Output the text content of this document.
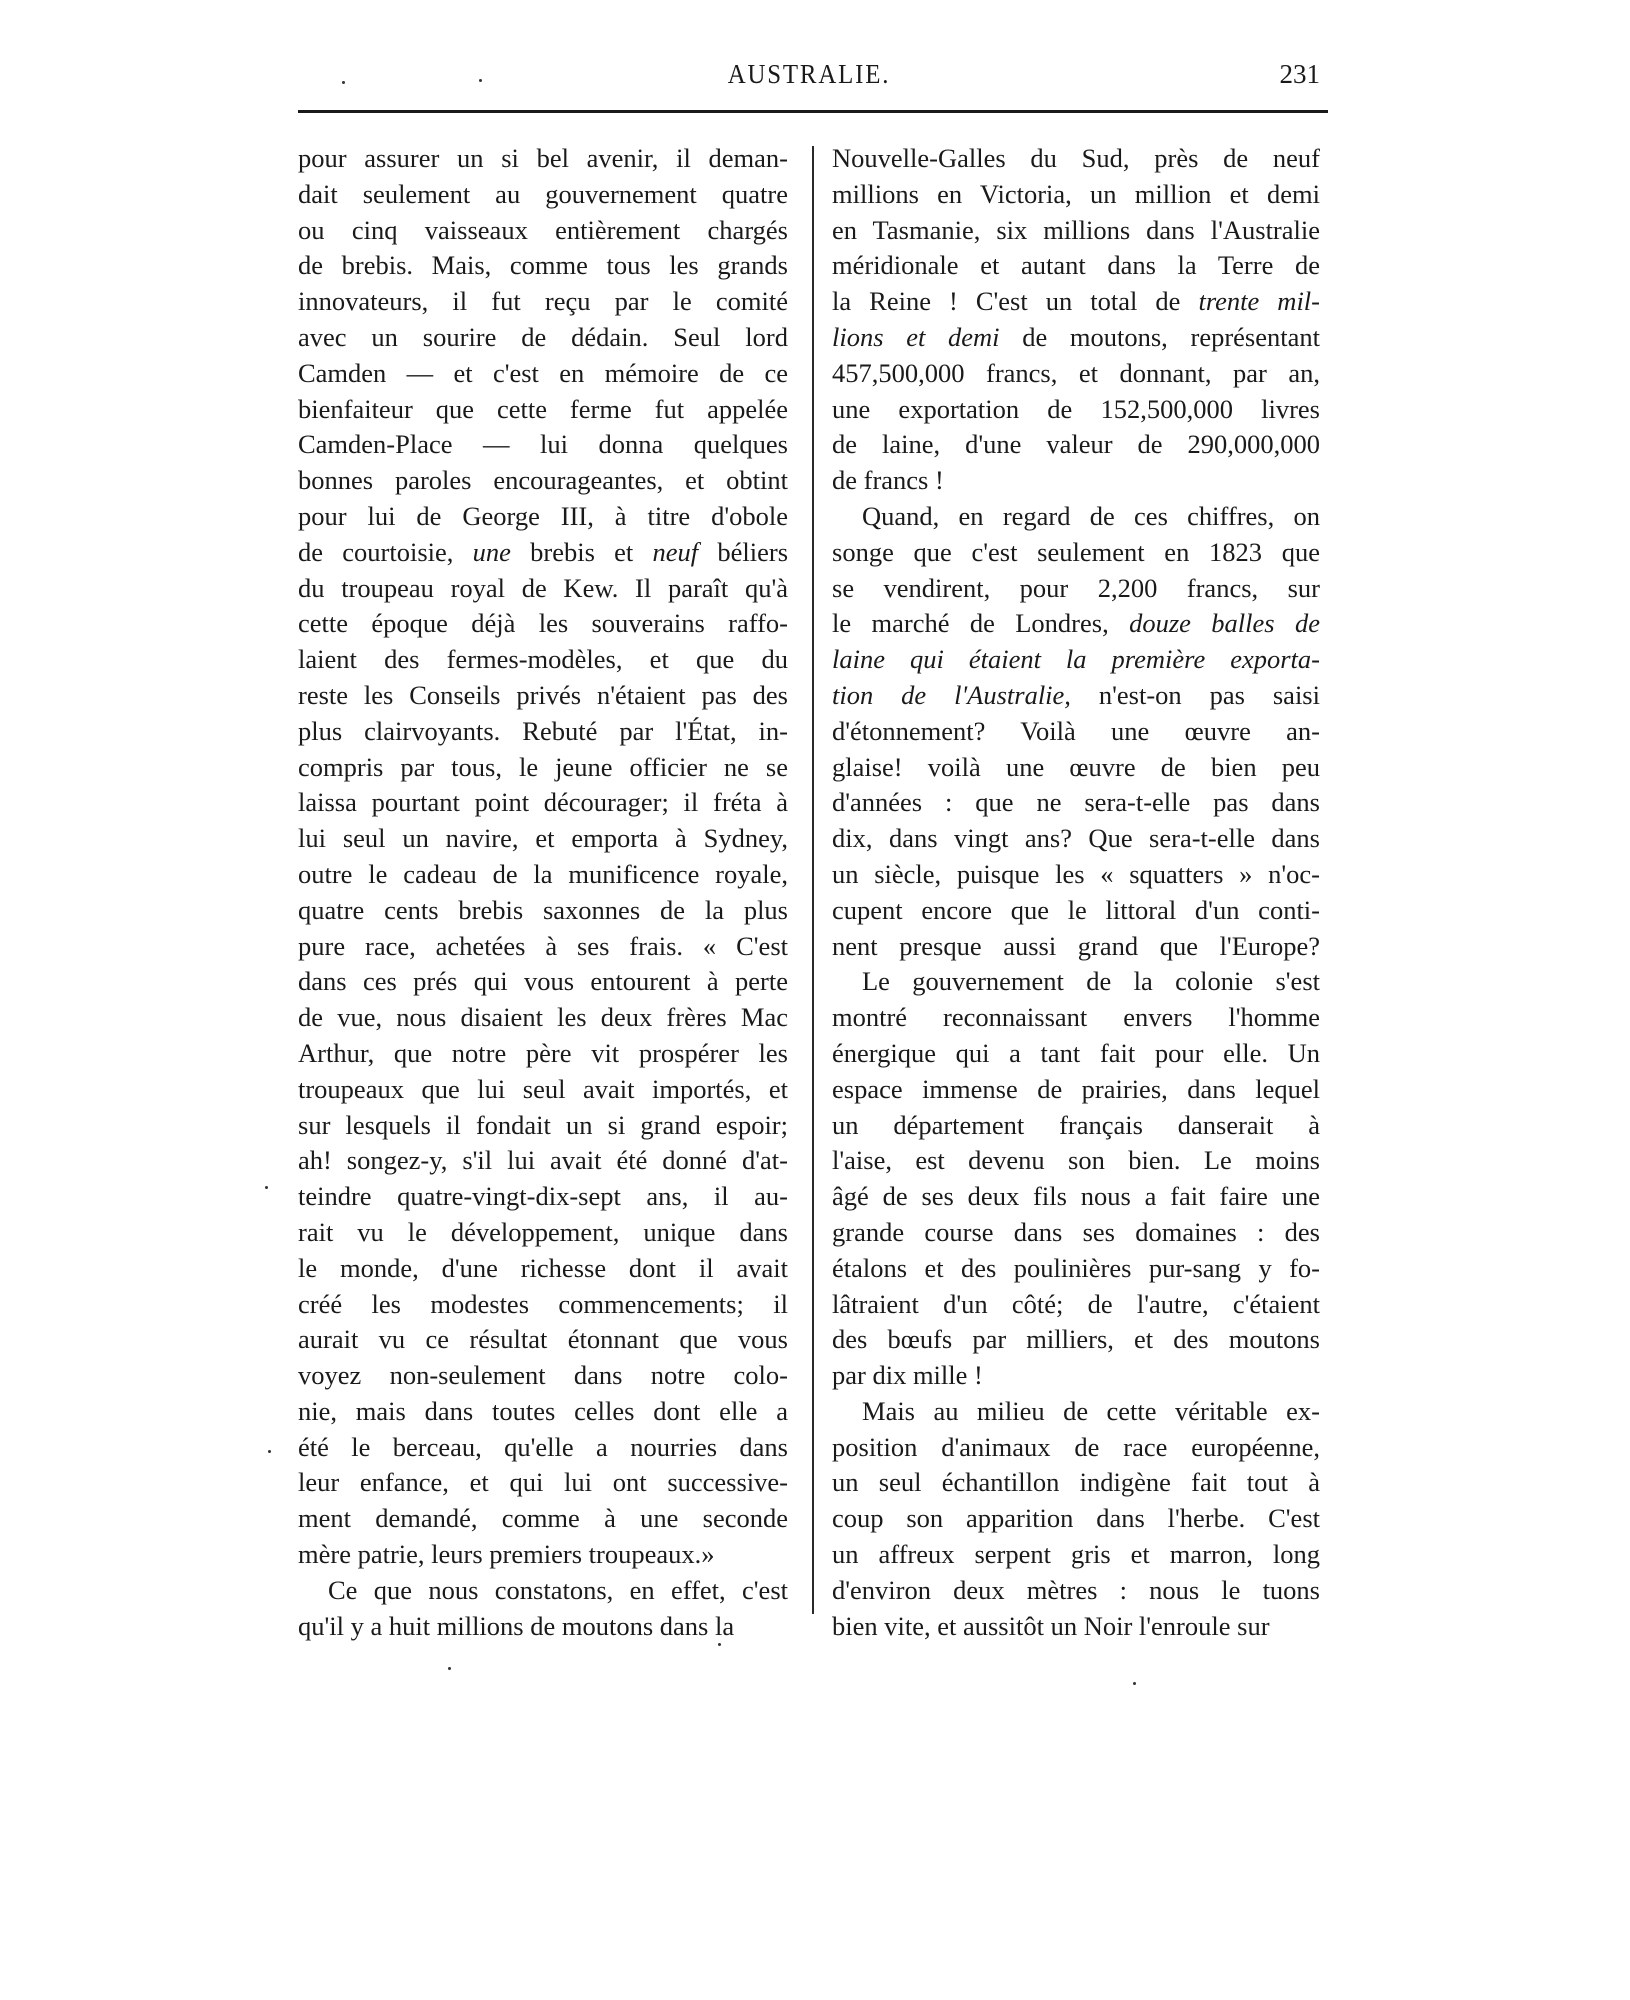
AUSTRALIE.	231
pour assurer un si bel avenir, il deman-
dait seulement au gouvernement quatre
ou cinq vaisseaux entièrement chargés
de brebis. Mais, comme tous les grands
innovateurs, il fut reçu par le comité
avec un sourire de dédain. Seul lord
Camden — et c'est en mémoire de ce
bienfaiteur que cette ferme fut appelée
Camden-Place — lui donna quelques
bonnes paroles encourageantes, et obtint
pour lui de George III, à titre d'obole
de courtoisie, une brebis et neuf béliers
du troupeau royal de Kew. Il paraît qu'à
cette époque déjà les souverains raffo-
laient des fermes-modèles, et que du
reste les Conseils privés n'étaient pas des
plus clairvoyants. Rebuté par l'État, in-
compris par tous, le jeune officier ne se
laissa pourtant point décourager; il fréta à
lui seul un navire, et emporta à Sydney,
outre le cadeau de la munificence royale,
quatre cents brebis saxonnes de la plus
pure race, achetées à ses frais. « C'est
dans ces prés qui vous entourent à perte
de vue, nous disaient les deux frères Mac
Arthur, que notre père vit prospérer les
troupeaux que lui seul avait importés, et
sur lesquels il fondait un si grand espoir;
ah! songez-y, s'il lui avait été donné d'at-
teindre quatre-vingt-dix-sept ans, il au-
rait vu le développement, unique dans
le monde, d'une richesse dont il avait
créé les modestes commencements; il
aurait vu ce résultat étonnant que vous
voyez non-seulement dans notre colo-
nie, mais dans toutes celles dont elle a
été le berceau, qu'elle a nourries dans
leur enfance, et qui lui ont successive-
ment demandé, comme à une seconde
mère patrie, leurs premiers troupeaux.»
Ce que nous constatons, en effet, c'est
qu'il y a huit millions de moutons dans la
Nouvelle-Galles du Sud, près de neuf
millions en Victoria, un million et demi
en Tasmanie, six millions dans l'Australie
méridionale et autant dans la Terre de
la Reine ! C'est un total de trente mil-
lions et demi de moutons, représentant
457,500,000 francs, et donnant, par an,
une exportation de 152,500,000 livres
de laine, d'une valeur de 290,000,000
de francs !
Quand, en regard de ces chiffres, on
songe que c'est seulement en 1823 que
se vendirent, pour 2,200 francs, sur
le marché de Londres, douze balles de
laine qui étaient la première exporta-
tion de l'Australie, n'est-on pas saisi
d'étonnement? Voilà une œuvre an-
glaise! voilà une œuvre de bien peu
d'années : que ne sera-t-elle pas dans
dix, dans vingt ans? Que sera-t-elle dans
un siècle, puisque les « squatters » n'oc-
cupent encore que le littoral d'un conti-
nent presque aussi grand que l'Europe?
Le gouvernement de la colonie s'est
montré reconnaissant envers l'homme
énergique qui a tant fait pour elle. Un
espace immense de prairies, dans lequel
un département français danserait à
l'aise, est devenu son bien. Le moins
âgé de ses deux fils nous a fait faire une
grande course dans ses domaines : des
étalons et des poulinières pur-sang y fo-
lâtraient d'un côté; de l'autre, c'étaient
des bœufs par milliers, et des moutons
par dix mille !
Mais au milieu de cette véritable ex-
position d'animaux de race européenne,
un seul échantillon indigène fait tout à
coup son apparition dans l'herbe. C'est
un affreux serpent gris et marron, long
d'environ deux mètres : nous le tuons
bien vite, et aussitôt un Noir l'enroule sur
